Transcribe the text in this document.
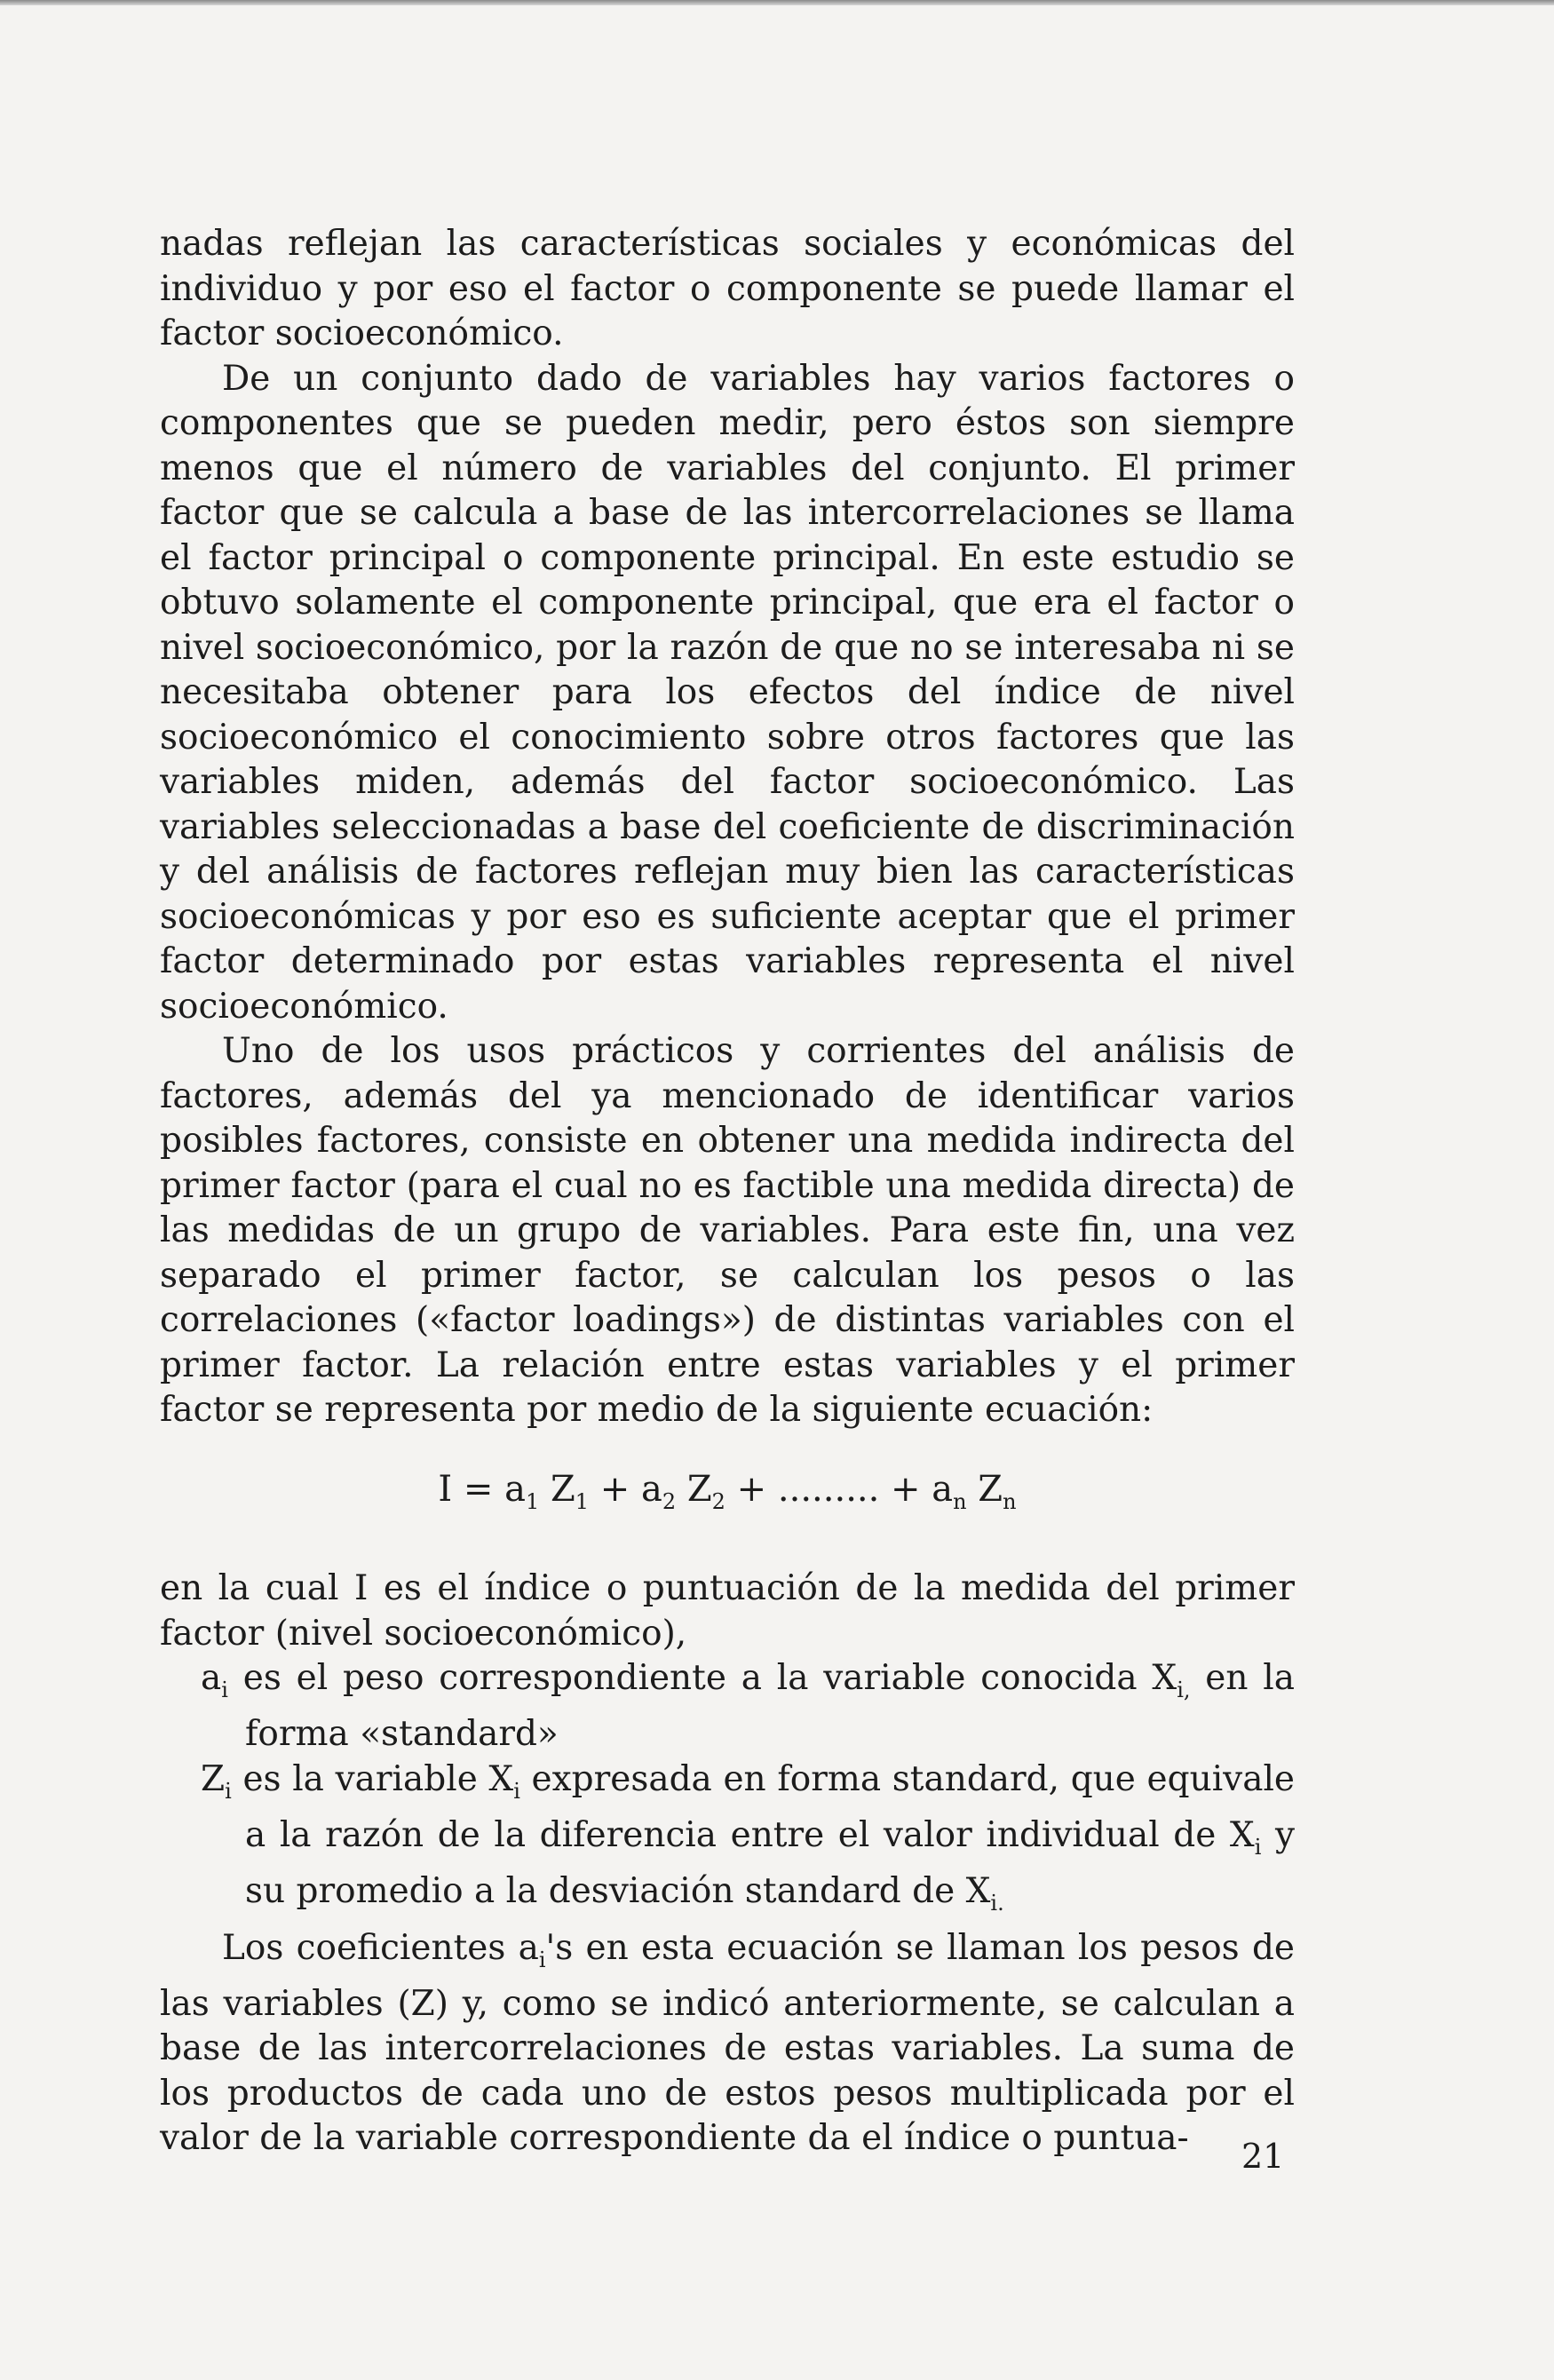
nadas reflejan las características sociales y económicas del individuo y por eso el factor o componente se puede llamar el factor socioeconómico.

De un conjunto dado de variables hay varios factores o componentes que se pueden medir, pero éstos son siempre menos que el número de variables del conjunto. El primer factor que se calcula a base de las intercorrelaciones se llama el factor principal o componente principal. En este estudio se obtuvo solamente el componente principal, que era el factor o nivel socioeconómico, por la razón de que no se interesaba ni se necesitaba obtener para los efectos del índice de nivel socioeconómico el conocimiento sobre otros factores que las variables miden, además del factor socioeconómico. Las variables seleccionadas a base del coeficiente de discriminación y del análisis de factores reflejan muy bien las características socioeconómicas y por eso es suficiente aceptar que el primer factor determinado por estas variables representa el nivel socioeconómico.

Uno de los usos prácticos y corrientes del análisis de factores, además del ya mencionado de identificar varios posibles factores, consiste en obtener una medida indirecta del primer factor (para el cual no es factible una medida directa) de las medidas de un grupo de variables. Para este fin, una vez separado el primer factor, se calculan los pesos o las correlaciones («factor loadings») de distintas variables con el primer factor. La relación entre estas variables y el primer factor se representa por medio de la siguiente ecuación:

$I = a_1$ $Z_1 + a_2$ $Z_2$ + ......... + $a_n$ $Z_n$

en la cual I es el índice o puntuación de la medida del primer factor (nivel socioeconómico),

$a_i$ es el peso correspondiente a la variable conocida $X_{i,}$ en la forma «standard»

$Z_i$ es la variable $X_i$ expresada en forma standard, que equivale a la razón de la diferencia entre el valor individual de $X_i$ y su promedio a la desviación standard de $X_{i.}$

Los coeficientes $a_i's$ en esta ecuación se llaman los pesos de las variables (Z) y, como se indicó anteriormente, se calculan a base de las intercorrelaciones de estas variables. La suma de los productos de cada uno de estos pesos multiplicada por el valor de la variable correspondiente da el índice o puntua-	21
